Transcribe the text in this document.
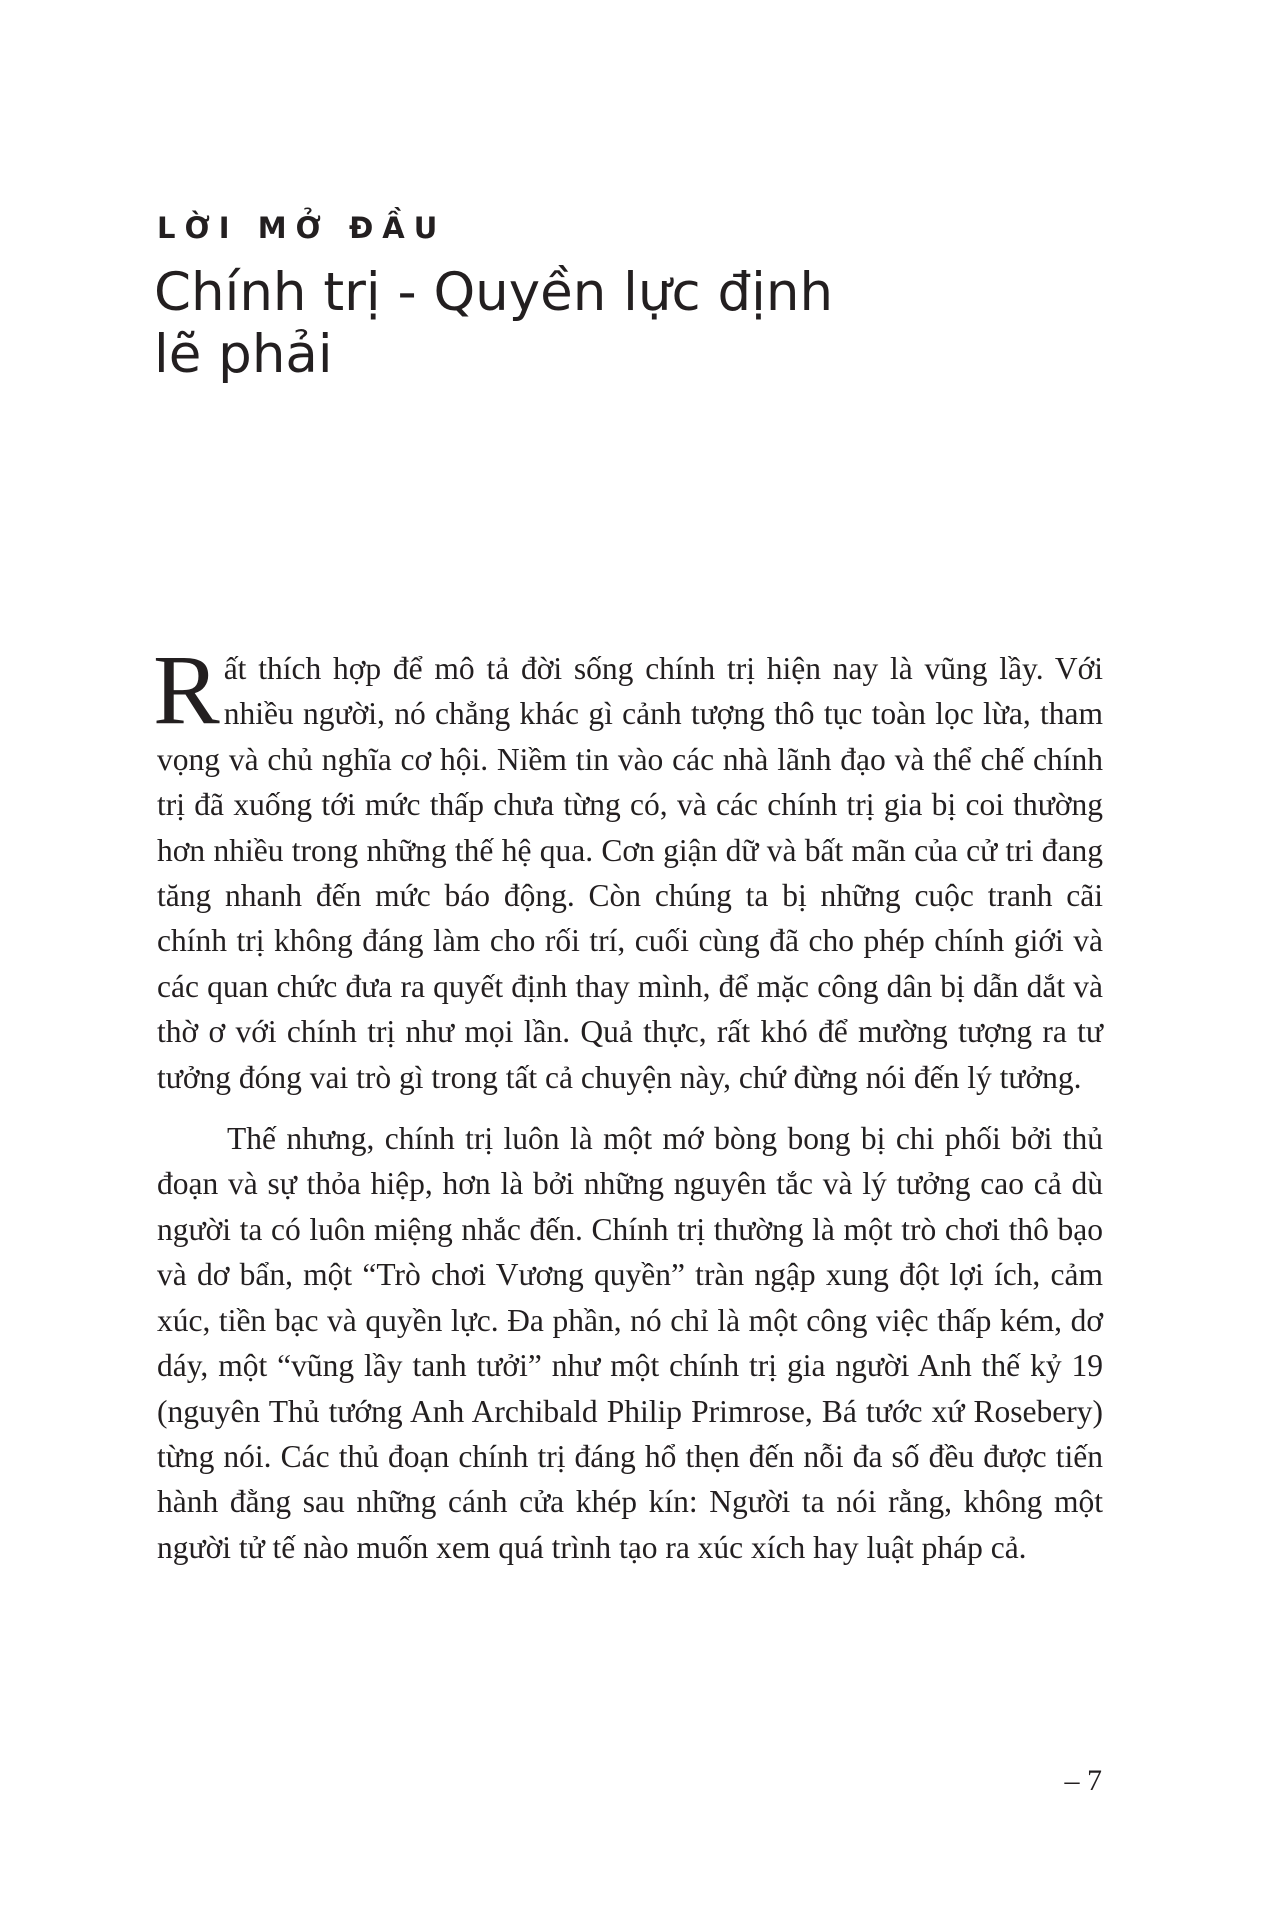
LỜI MỞ ĐẦU
Chính trị - Quyền lực định
lẽ phải

Rất thích hợp để mô tả đời sống chính trị hiện nay là vũng lầy. Với nhiều người, nó chẳng khác gì cảnh tượng thô tục toàn lọc lừa, tham vọng và chủ nghĩa cơ hội. Niềm tin vào các nhà lãnh đạo và thể chế chính trị đã xuống tới mức thấp chưa từng có, và các chính trị gia bị coi thường hơn nhiều trong những thế hệ qua. Cơn giận dữ và bất mãn của cử tri đang tăng nhanh đến mức báo động. Còn chúng ta bị những cuộc tranh cãi chính trị không đáng làm cho rối trí, cuối cùng đã cho phép chính giới và các quan chức đưa ra quyết định thay mình, để mặc công dân bị dẫn dắt và thờ ơ với chính trị như mọi lần. Quả thực, rất khó để mường tượng ra tư tưởng đóng vai trò gì trong tất cả chuyện này, chứ đừng nói đến lý tưởng.

Thế nhưng, chính trị luôn là một mớ bòng bong bị chi phối bởi thủ đoạn và sự thỏa hiệp, hơn là bởi những nguyên tắc và lý tưởng cao cả dù người ta có luôn miệng nhắc đến. Chính trị thường là một trò chơi thô bạo và dơ bẩn, một “Trò chơi Vương quyền” tràn ngập xung đột lợi ích, cảm xúc, tiền bạc và quyền lực. Đa phần, nó chỉ là một công việc thấp kém, dơ dáy, một “vũng lầy tanh tưởi” như một chính trị gia người Anh thế kỷ 19 (nguyên Thủ tướng Anh Archibald Philip Primrose, Bá tước xứ Rosebery) từng nói. Các thủ đoạn chính trị đáng hổ thẹn đến nỗi đa số đều được tiến hành đằng sau những cánh cửa khép kín: Người ta nói rằng, không một người tử tế nào muốn xem quá trình tạo ra xúc xích hay luật pháp cả.

– 7
